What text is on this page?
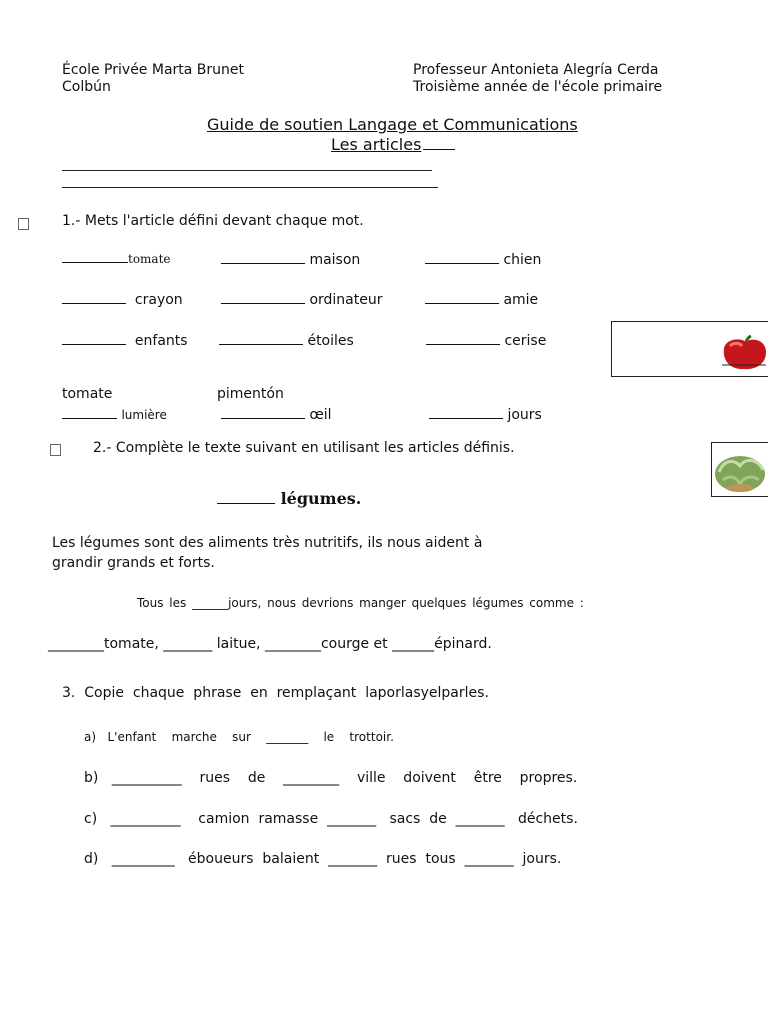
École Privée Marta Brunet
Colbún
Professeur Antonieta Alegría Cerda
Troisième année de l'école primaire
Guide de soutien Langage et Communications
Les articles
1.- Mets l'article défini devant chaque mot.
tomate	maison	chien
crayon	ordinateur	amie
enfants	étoiles	cerise
tomate	pimentón
lumière	œil	jours
2.- Complète le texte suivant en utilisant les articles définis.
légumes.
Les légumes sont des aliments très nutritifs, ils nous aident à
grandir grands et forts.
Tous les ______jours, nous devrions manger quelques légumes comme :
________tomate, _______ laitue, ________courge et ______épinard.
3.  Copie  chaque  phrase  en  remplaçant  laporlasyelparles.
a)   L'enfant    marche    sur    _______    le    trottoir.
b)   __________    rues    de    ________    ville    doivent    être    propres.
c)   __________    camion  ramasse  _______   sacs  de  _______   déchets.
d)   _________   éboueurs  balaient  _______  rues  tous  _______  jours.
